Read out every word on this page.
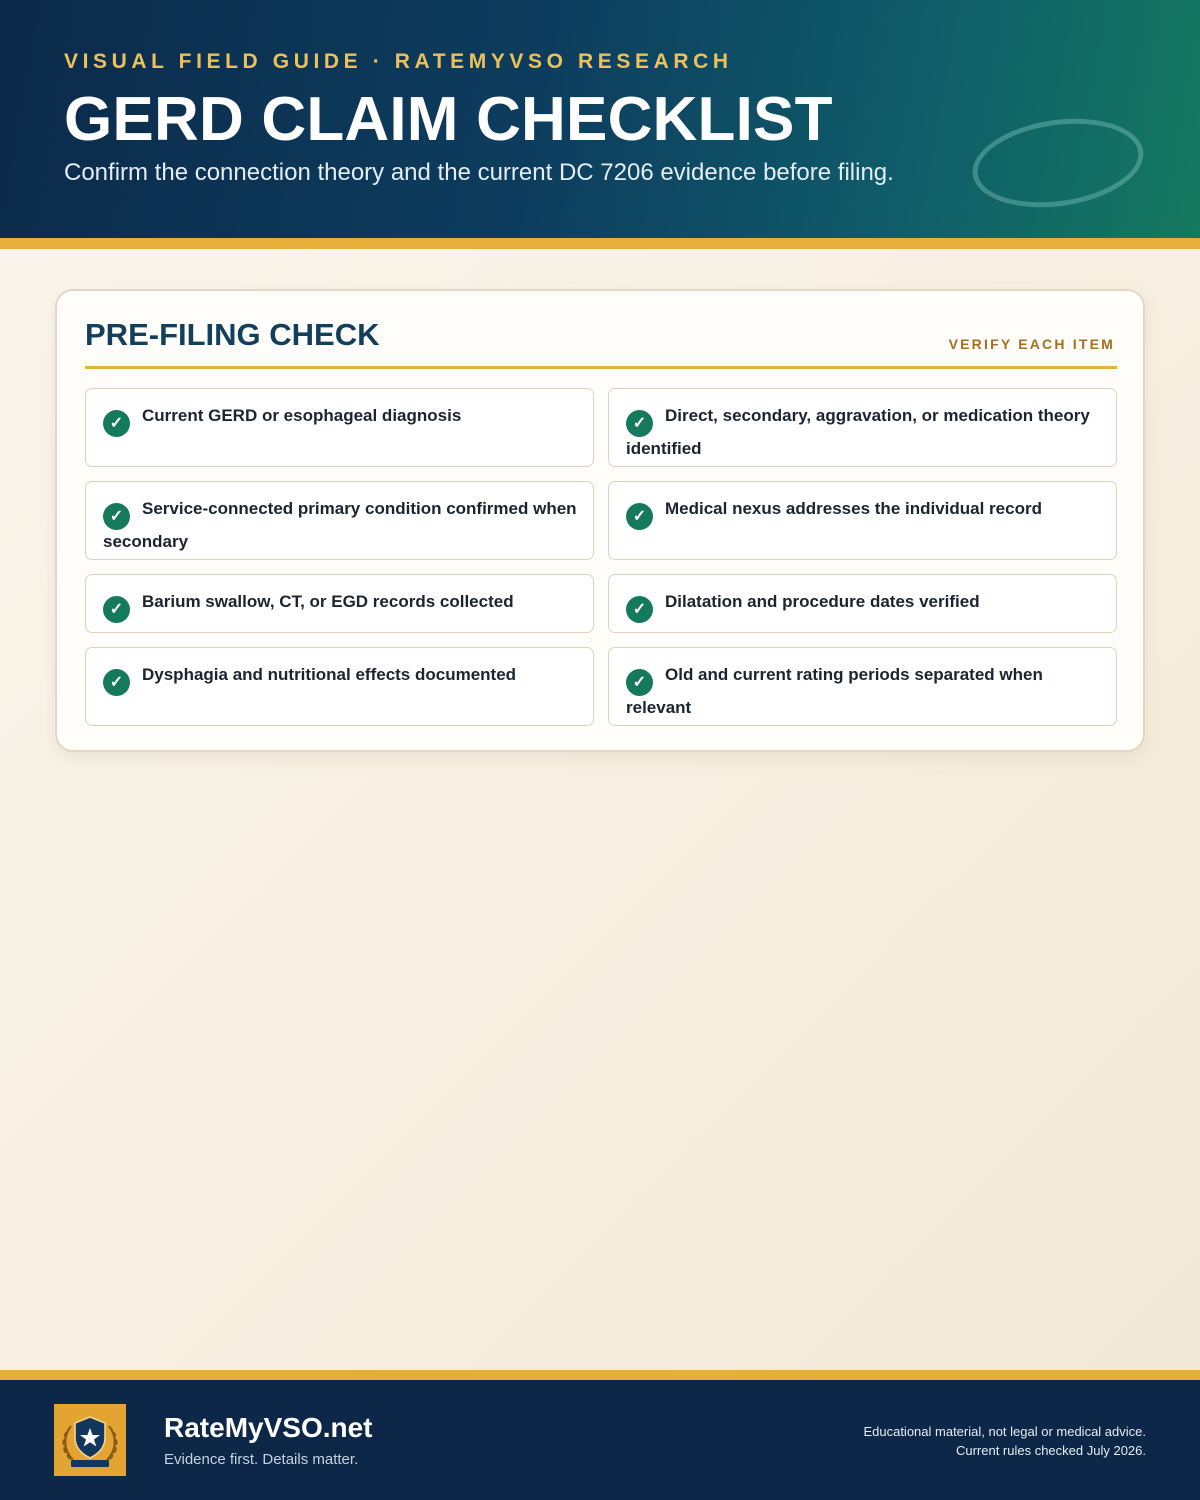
VISUAL FIELD GUIDE · RATEMYVSO RESEARCH
GERD CLAIM CHECKLIST
Confirm the connection theory and the current DC 7206 evidence before filing.
PRE-FILING CHECK	VERIFY EACH ITEM
✓ Current GERD or esophageal diagnosis	✓ Direct, secondary, aggravation, or medication theory identified
✓ Service-connected primary condition confirmed when secondary
✓ Medical nexus addresses the individual record
✓ Barium swallow, CT, or EGD records collected	✓ Dilatation and procedure dates verified
✓ Dysphagia and nutritional effects documented	✓ Old and current rating periods separated when relevant
RateMyVSO.net
Evidence first. Details matter.
Educational material, not legal or medical advice.
Current rules checked July 2026.
